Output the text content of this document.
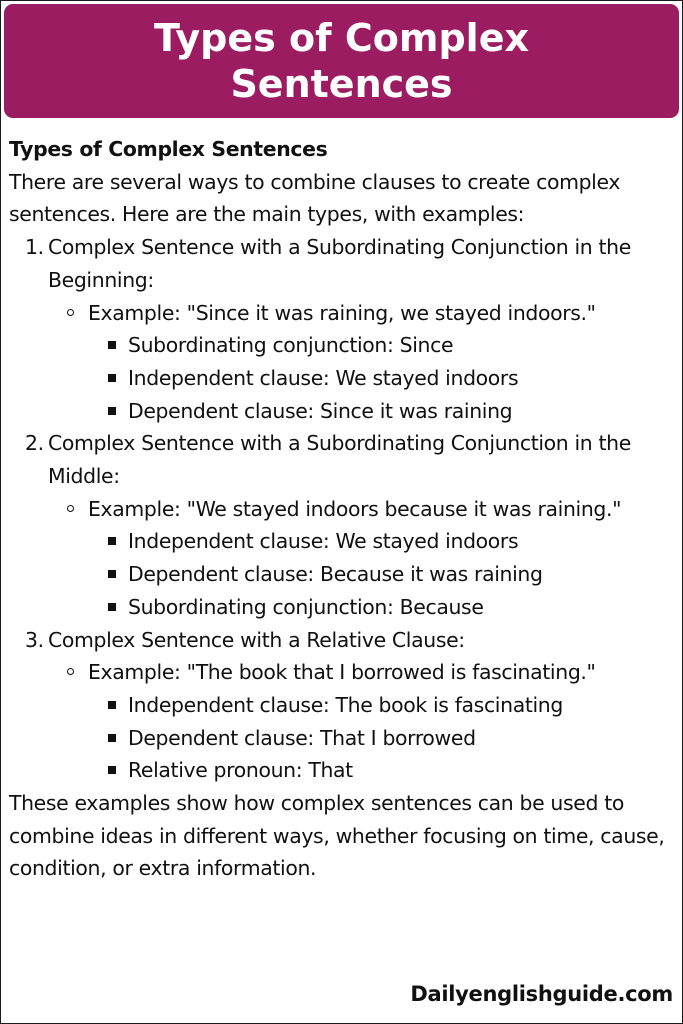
Types of Complex Sentences

Types of Complex Sentences

There are several ways to combine clauses to create complex sentences. Here are the main types, with examples:

1. Complex Sentence with a Subordinating Conjunction in the Beginning:
Example: "Since it was raining, we stayed indoors."
Subordinating conjunction: Since
Independent clause: We stayed indoors
Dependent clause: Since it was raining
2. Complex Sentence with a Subordinating Conjunction in the Middle:
Example: "We stayed indoors because it was raining."
Independent clause: We stayed indoors
Dependent clause: Because it was raining
Subordinating conjunction: Because
3. Complex Sentence with a Relative Clause:
Example: "The book that I borrowed is fascinating."
Independent clause: The book is fascinating
Dependent clause: That I borrowed
Relative pronoun: That

These examples show how complex sentences can be used to combine ideas in different ways, whether focusing on time, cause, condition, or extra information.

Dailyenglishguide.com
